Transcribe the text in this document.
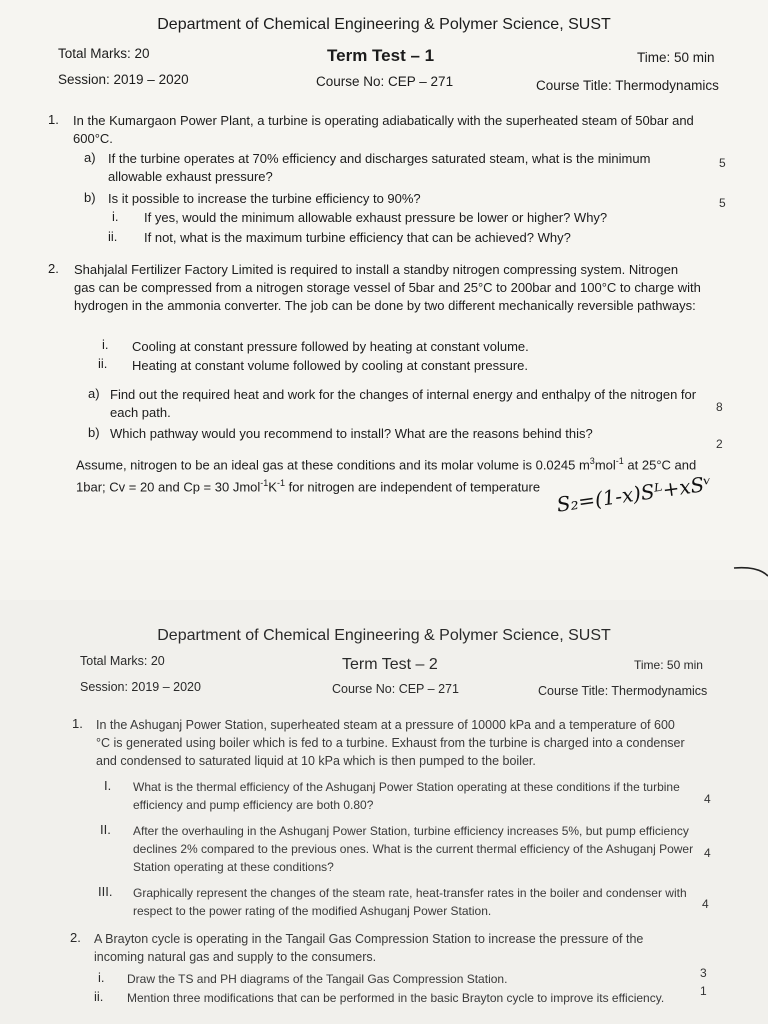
Department of Chemical Engineering & Polymer Science, SUST
Total Marks: 20	Term Test – 1	Time: 50 min
Session: 2019 – 2020	Course No: CEP – 271	Course Title: Thermodynamics
1. In the Kumargaon Power Plant, a turbine is operating adiabatically with the superheated steam of 50bar and 600°C.
a) If the turbine operates at 70% efficiency and discharges saturated steam, what is the minimum allowable exhaust pressure?
5
b) Is it possible to increase the turbine efficiency to 90%?	5
i. If yes, would the minimum allowable exhaust pressure be lower or higher? Why?
ii. If not, what is the maximum turbine efficiency that can be achieved? Why?
2. Shahjalal Fertilizer Factory Limited is required to install a standby nitrogen compressing system. Nitrogen gas can be compressed from a nitrogen storage vessel of 5bar and 25°C to 200bar and 100°C to charge with hydrogen in the ammonia converter. The job can be done by two different mechanically reversible pathways:
i. Cooling at constant pressure followed by heating at constant volume.
ii. Heating at constant volume followed by cooling at constant pressure.
a) Find out the required heat and work for the changes of internal energy and enthalpy of the nitrogen for each path.	8
b) Which pathway would you recommend to install? What are the reasons behind this?
2
Assume, nitrogen to be an ideal gas at these conditions and its molar volume is 0.0245 $m^3mol^{-1}$ at 25°C and 1bar; Cv = 20 and Cp = 30 $Jmol^{-1}K^{-1}$ for nitrogen are independent of temperature S₂=(1-x)Sᴸ+xSᵛ
Department of Chemical Engineering & Polymer Science, SUST
Total Marks: 20	Term Test – 2	Time: 50 min
Session: 2019 – 2020	Course No: CEP – 271	Course Title: Thermodynamics
1. In the Ashuganj Power Station, superheated steam at a pressure of 10000 kPa and a temperature of 600 °C is generated using boiler which is fed to a turbine. Exhaust from the turbine is charged into a condenser and condensed to saturated liquid at 10 kPa which is then pumped to the boiler.
I. What is the thermal efficiency of the Ashuganj Power Station operating at these conditions if the turbine efficiency and pump efficiency are both 0.80?	4
II. After the overhauling in the Ashuganj Power Station, turbine efficiency increases 5%, but pump efficiency declines 2% compared to the previous ones. What is the current thermal efficiency of the Ashuganj Power Station operating at these conditions?
4
III. Graphically represent the changes of the steam rate, heat-transfer rates in the boiler and condenser with respect to the power rating of the modified Ashuganj Power Station.	4
2. A Brayton cycle is operating in the Tangail Gas Compression Station to increase the pressure of the incoming natural gas and supply to the consumers.
i. Draw the TS and PH diagrams of the Tangail Gas Compression Station.	3
ii. Mention three modifications that can be performed in the basic Brayton cycle to improve its efficiency.	1
